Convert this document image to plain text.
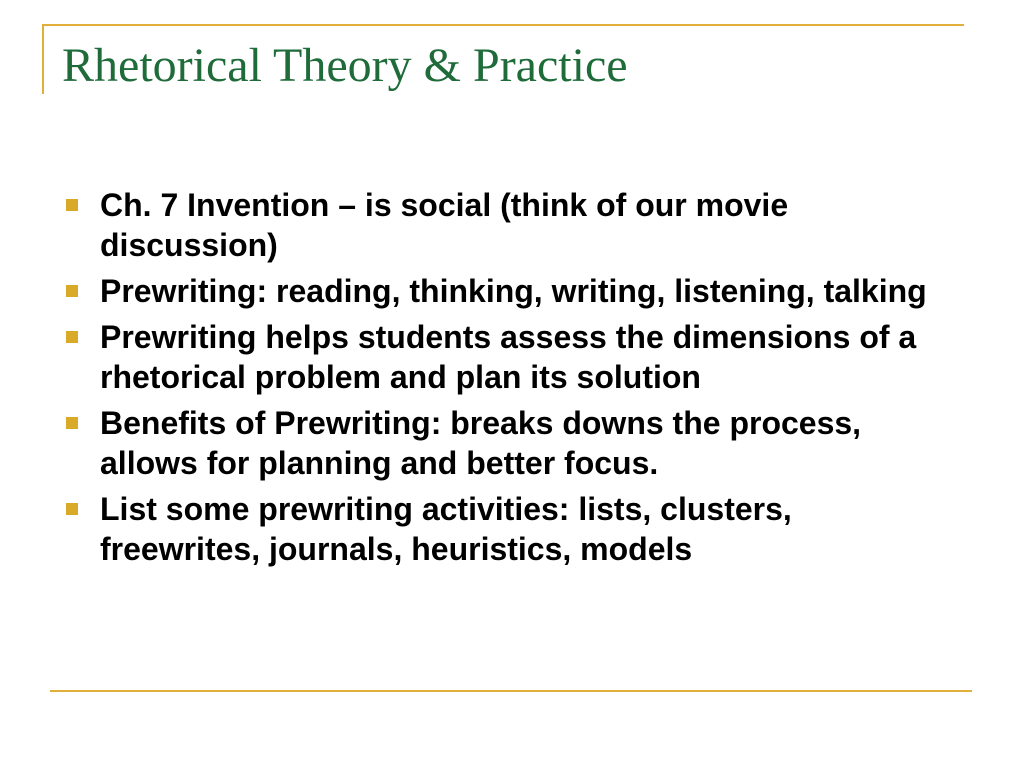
Rhetorical Theory & Practice
Ch. 7 Invention – is social (think of our movie discussion)
Prewriting: reading, thinking, writing, listening, talking
Prewriting helps students assess the dimensions of a rhetorical problem and plan its solution
Benefits of Prewriting: breaks downs the process, allows for planning and better focus.
List some prewriting activities: lists, clusters, freewrites, journals, heuristics, models
